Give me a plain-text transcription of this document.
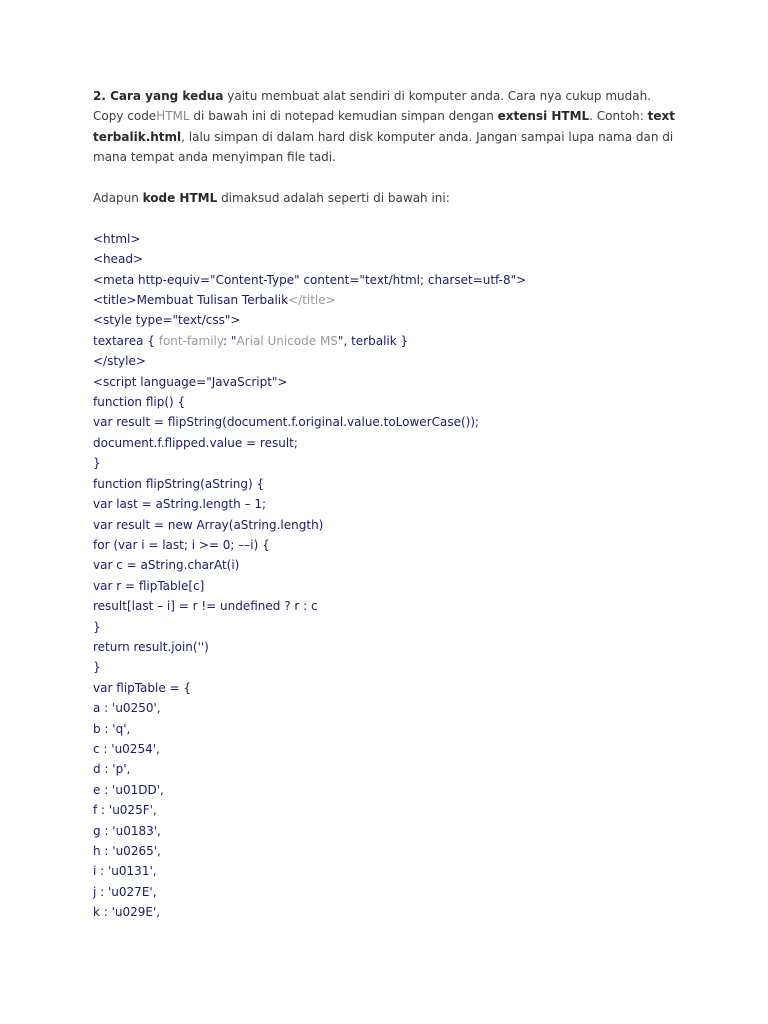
2. Cara yang kedua yaitu membuat alat sendiri di komputer anda. Cara nya cukup mudah. Copy codeHTML di bawah ini di notepad kemudian simpan dengan extensi HTML. Contoh: text terbalik.html, lalu simpan di dalam hard disk komputer anda. Jangan sampai lupa nama dan di mana tempat anda menyimpan file tadi.

Adapun kode HTML dimaksud adalah seperti di bawah ini:

<html>
<head>
<meta http-equiv="Content-Type" content="text/html; charset=utf-8">
<title>Membuat Tulisan Terbalik</title>
<style type="text/css">
textarea { font-family: "Arial Unicode MS", terbalik }
</style>
<script language="JavaScript">
function flip() {
var result = flipString(document.f.original.value.toLowerCase());
document.f.flipped.value = result;
}
function flipString(aString) {
var last = aString.length – 1;
var result = new Array(aString.length)
for (var i = last; i >= 0; ––i) {
var c = aString.charAt(i)
var r = flipTable[c]
result[last – i] = r != undefined ? r : c
}
return result.join('')
}
var flipTable = {
a : 'u0250',
b : 'q',
c : 'u0254',
d : 'p',
e : 'u01DD',
f : 'u025F',
g : 'u0183',
h : 'u0265',
i : 'u0131',
j : 'u027E',
k : 'u029E',
